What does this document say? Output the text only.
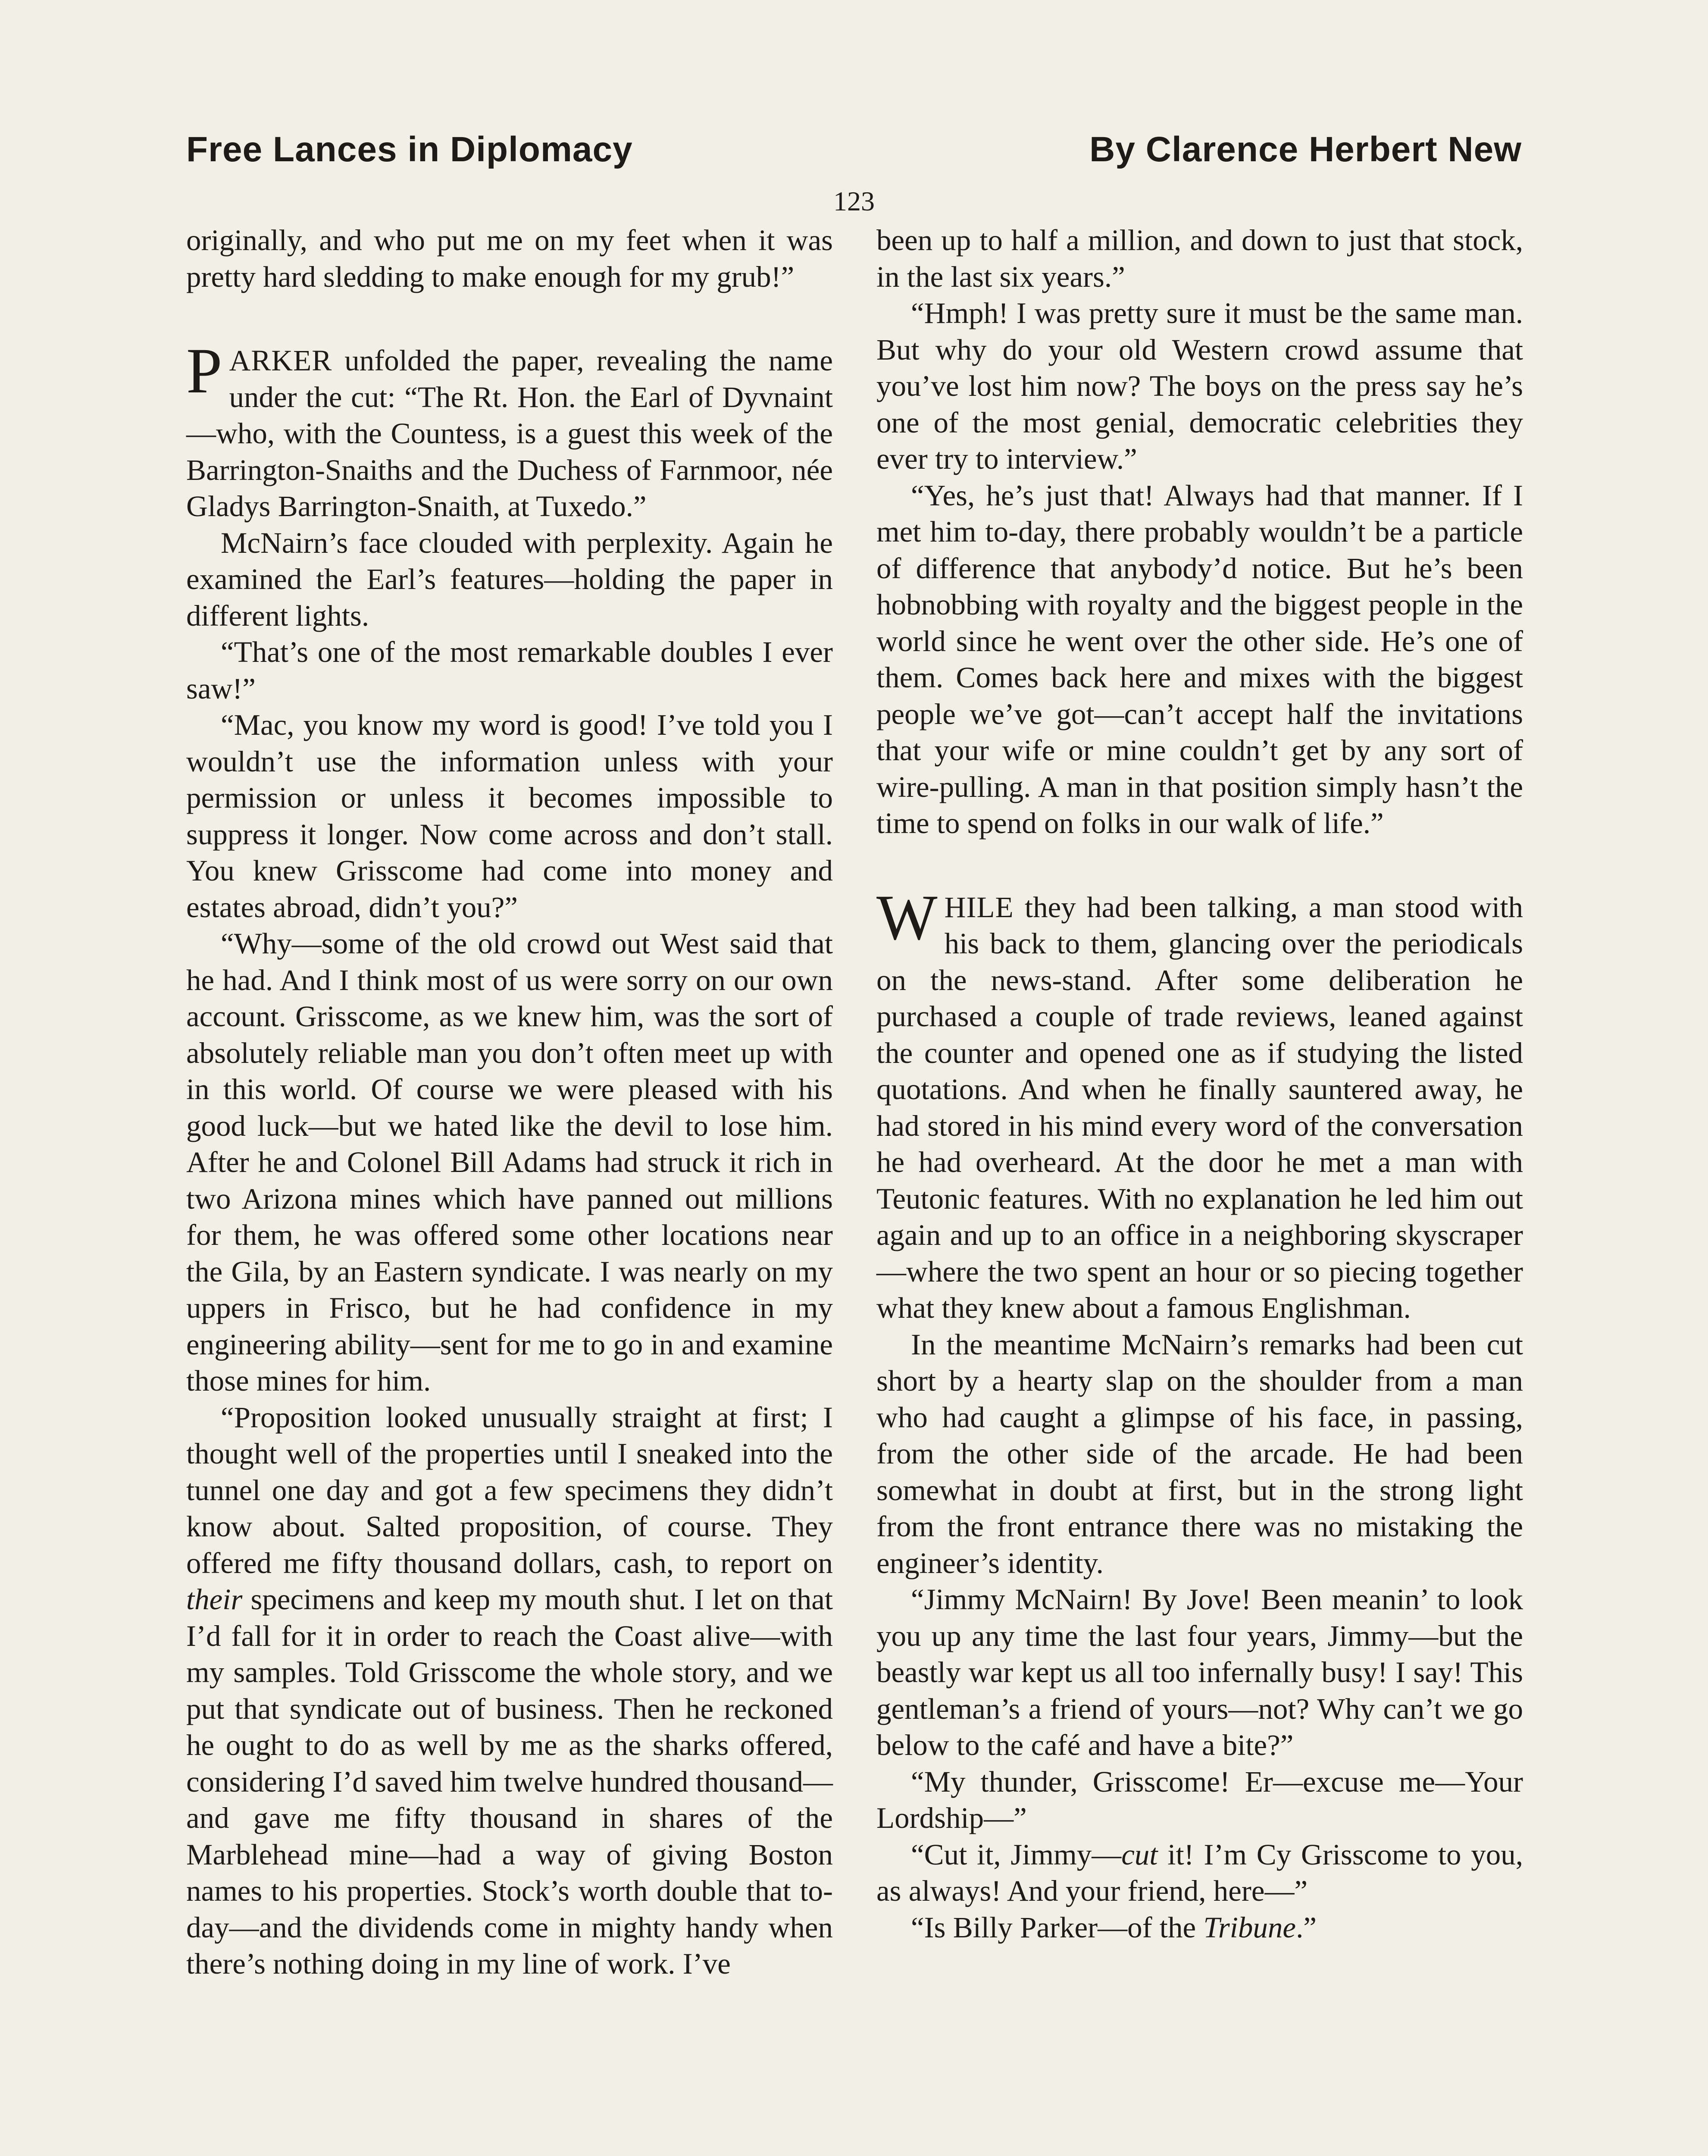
Free Lances in Diplomacy	By Clarence Herbert New
123

originally, and who put me on my feet when it was pretty hard sledding to make enough for my grub!”

PARKER unfolded the paper, revealing the name under the cut: “The Rt. Hon. the Earl of Dyvnaint—who, with the Countess, is a guest this week of the Barrington-Snaiths and the Duchess of Farnmoor, née Gladys Barrington-Snaith, at Tuxedo.”

McNairn’s face clouded with perplexity. Again he examined the Earl’s features—holding the paper in different lights.

“That’s one of the most remarkable doubles I ever saw!”

“Mac, you know my word is good! I’ve told you I wouldn’t use the information unless with your permission or unless it becomes impossible to suppress it longer. Now come across and don’t stall. You knew Grisscome had come into money and estates abroad, didn’t you?”

“Why—some of the old crowd out West said that he had. And I think most of us were sorry on our own account. Grisscome, as we knew him, was the sort of absolutely reliable man you don’t often meet up with in this world. Of course we were pleased with his good luck—but we hated like the devil to lose him. After he and Colonel Bill Adams had struck it rich in two Arizona mines which have panned out millions for them, he was offered some other locations near the Gila, by an Eastern syndicate. I was nearly on my uppers in Frisco, but he had confidence in my engineering ability—sent for me to go in and examine those mines for him.

“Proposition looked unusually straight at first; I thought well of the properties until I sneaked into the tunnel one day and got a few specimens they didn’t know about. Salted proposition, of course. They offered me fifty thousand dollars, cash, to report on their specimens and keep my mouth shut. I let on that I’d fall for it in order to reach the Coast alive—with my samples. Told Grisscome the whole story, and we put that syndicate out of business. Then he reckoned he ought to do as well by me as the sharks offered, considering I’d saved him twelve hundred thousand—and gave me fifty thousand in shares of the Marblehead mine—had a way of giving Boston names to his properties. Stock’s worth double that to-day—and the dividends come in mighty handy when there’s nothing doing in my line of work. I’ve

been up to half a million, and down to just that stock, in the last six years.”

“Hmph! I was pretty sure it must be the same man. But why do your old Western crowd assume that you’ve lost him now? The boys on the press say he’s one of the most genial, democratic celebrities they ever try to interview.”

“Yes, he’s just that! Always had that manner. If I met him to-day, there probably wouldn’t be a particle of difference that anybody’d notice. But he’s been hobnobbing with royalty and the biggest people in the world since he went over the other side. He’s one of them. Comes back here and mixes with the biggest people we’ve got—can’t accept half the invitations that your wife or mine couldn’t get by any sort of wire-pulling. A man in that position simply hasn’t the time to spend on folks in our walk of life.”

WHILE they had been talking, a man stood with his back to them, glancing over the periodicals on the news-stand. After some deliberation he purchased a couple of trade reviews, leaned against the counter and opened one as if studying the listed quotations. And when he finally sauntered away, he had stored in his mind every word of the conversation he had overheard. At the door he met a man with Teutonic features. With no explanation he led him out again and up to an office in a neighboring skyscraper—where the two spent an hour or so piecing together what they knew about a famous Englishman.

In the meantime McNairn’s remarks had been cut short by a hearty slap on the shoulder from a man who had caught a glimpse of his face, in passing, from the other side of the arcade. He had been somewhat in doubt at first, but in the strong light from the front entrance there was no mistaking the engineer’s identity.

“Jimmy McNairn! By Jove! Been meanin’ to look you up any time the last four years, Jimmy—but the beastly war kept us all too infernally busy! I say! This gentleman’s a friend of yours—not? Why can’t we go below to the café and have a bite?”

“My thunder, Grisscome! Er—excuse me—Your Lordship—”

“Cut it, Jimmy—cut it! I’m Cy Grisscome to you, as always! And your friend, here—”

“Is Billy Parker—of the Tribune.”
